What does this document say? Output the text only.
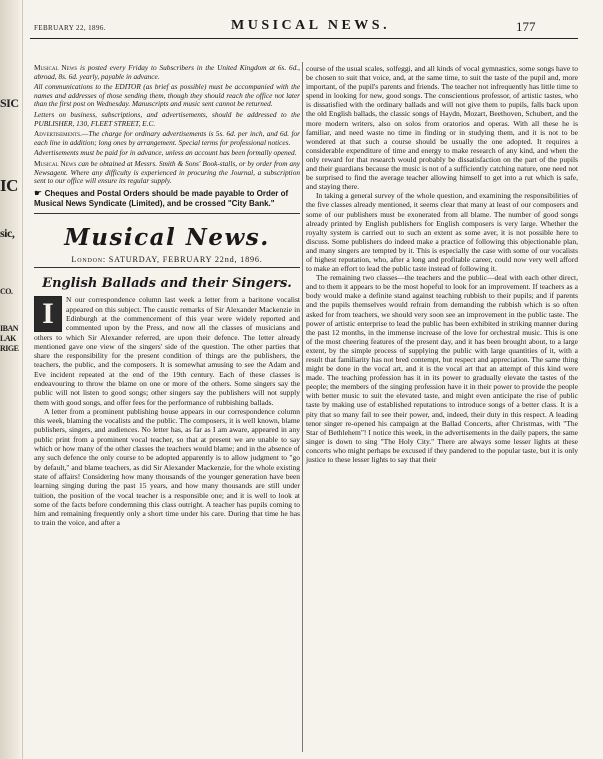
SIC
IC
sic,
CO.
IBAN
LAK
RIGE
FEBRUARY 22, 1896.	MUSICAL NEWS.	177

Musical News is posted every Friday to Subscribers in the United Kingdom at 6s. 6d., abroad, 8s. 6d. yearly, payable in advance.

All communications to the EDITOR (as brief as possible) must be accompanied with the names and addresses of those sending them, though they should reach the office not later than the first post on Wednesday. Manuscripts and music sent cannot be returned.

Letters on business, subscriptions, and advertisements, should be addressed to the PUBLISHER, 130, FLEET STREET, E.C.

Advertisements.—The charge for ordinary advertisements is 5s. 6d. per inch, and 6d. for each line in addition; long ones by arrangement. Special terms for professional notices.

Advertisements must be paid for in advance, unless an account has been formally opened.

Musical News can be obtained at Messrs. Smith & Sons' Book-stalls, or by order from any Newsagent. Where any difficulty is experienced in procuring the Journal, a subscription sent to our office will ensure its regular supply.

☛ Cheques and Postal Orders should be made payable to Order of Musical News Syndicate (Limited), and be crossed "City Bank."

Musical News.
London: SATURDAY, FEBRUARY 22nd, 1896.
English Ballads and their Singers.

I	N our correspondence column last week a letter from a baritone vocalist appeared on this subject. The caustic remarks of Sir Alexander Mackenzie in Edinburgh at the commencement of this year were widely reported and commented upon by the Press, and now all the classes of musicians and others to which Sir Alexander referred, are upon their defence. The letter already mentioned gave one view of the singers' side of the question. The other parties that share the responsibility for the present condition of things are the publishers, the teachers, the public, and the composers. It is somewhat amusing to see the Adam and Eve incident repeated at the end of the 19th century. Each of these classes is endeavouring to throw the blame on one or more of the others. Some singers say the public will not listen to good songs; other singers say the publishers will not supply them with good songs, and offer fees for the performance of rubbishing ballads.

A letter from a prominent publishing house appears in our correspondence column this week, blaming the vocalists and the public. The composers, it is well known, blame publishers, singers, and audiences. No letter has, as far as I am aware, appeared in any public print from a prominent vocal teacher, so that at present we are unable to say which or how many of the other classes the teachers would blame; and in the absence of any such defence the only course to be adopted apparently is to allow judgment to "go by default," and blame teachers, as did Sir Alexander Mackenzie, for the whole existing state of affairs! Considering how many thousands of the younger generation have been learning singing during the past 15 years, and how many thousands are still under tuition, the position of the vocal teacher is a responsible one; and it is well to look at some of the facts before condemning this class outright. A teacher has pupils coming to him and remaining frequently only a short time under his care. During that time he has to train the voice, and after a

course of the usual scales, solfeggi, and all kinds of vocal gymnastics, some songs have to be chosen to suit that voice, and, at the same time, to suit the taste of the pupil and, more important, of the pupil's parents and friends. The teacher not infrequently has little time to spend in looking for new, good songs. The conscientious professor, of artistic tastes, who is dissatisfied with the ordinary ballads and will not give them to pupils, falls back upon the old English ballads, the classic songs of Haydn, Mozart, Beethoven, Schubert, and the more modern writers, also on solos from oratorios and operas. With all these he is familiar, and need waste no time in finding or in studying them, and it is not to be wondered at that such a course should be usually the one adopted. It requires a considerable expenditure of time and energy to make research of any kind, and when the only reward for that research would probably be dissatisfaction on the part of the pupils and their guardians because the music is not of a sufficiently catching nature, one need not be surprised to find the average teacher allowing himself to get into a rut which is safe, and staying there.

In taking a general survey of the whole question, and examining the responsibilities of the five classes already mentioned, it seems clear that many at least of our composers and some of our publishers must be exonerated from all blame. The number of good songs already printed by English publishers for English composers is very large. Whether the royalty system is carried out to such an extent as some aver, it is not possible here to discuss. Some publishers do indeed make a practice of following this objectionable plan, and many singers are tempted by it. This is especially the case with some of our vocalists of highest reputation, who, after a long and profitable career, could now very well afford to make an effort to lead the public taste instead of following it.

The remaining two classes—the teachers and the public—deal with each other direct, and to them it appears to be the most hopeful to look for an improvement. If teachers as a body would make a definite stand against teaching rubbish to their pupils; and if parents and the pupils themselves would refrain from demanding the rubbish which is so often asked for from teachers, we should very soon see an improvement in the public taste. The power of artistic enterprise to lead the public has been exhibited in striking manner during the past 12 months, in the immense increase of the love for orchestral music. This is one of the most cheering features of the present day, and it has been brought about, to a large extent, by the simple process of supplying the public with large quantities of it, with a result that familiarity has not bred contempt, but respect and appreciation. The same thing might be done in the vocal art, and it is the vocal art that an attempt of this kind were made. The teaching profession has it in its power to gradually elevate the tastes of the people; the members of the singing profession have it in their power to provide the people with better music to suit the elevated taste, and might even anticipate the rise of public taste by making use of established reputations to introduce songs of a better class. It is a pity that so many fail to see their power, and, indeed, their duty in this respect. A leading tenor singer re-opened his campaign at the Ballad Concerts, after Christmas, with "The Star of Bethlehem"! I notice this week, in the advertisements in the daily papers, the same singer is down to sing "The Holy City." There are always some lesser lights at these concerts who might perhaps be excused if they pandered to the popular taste, but it is only justice to these lesser lights to say that their
